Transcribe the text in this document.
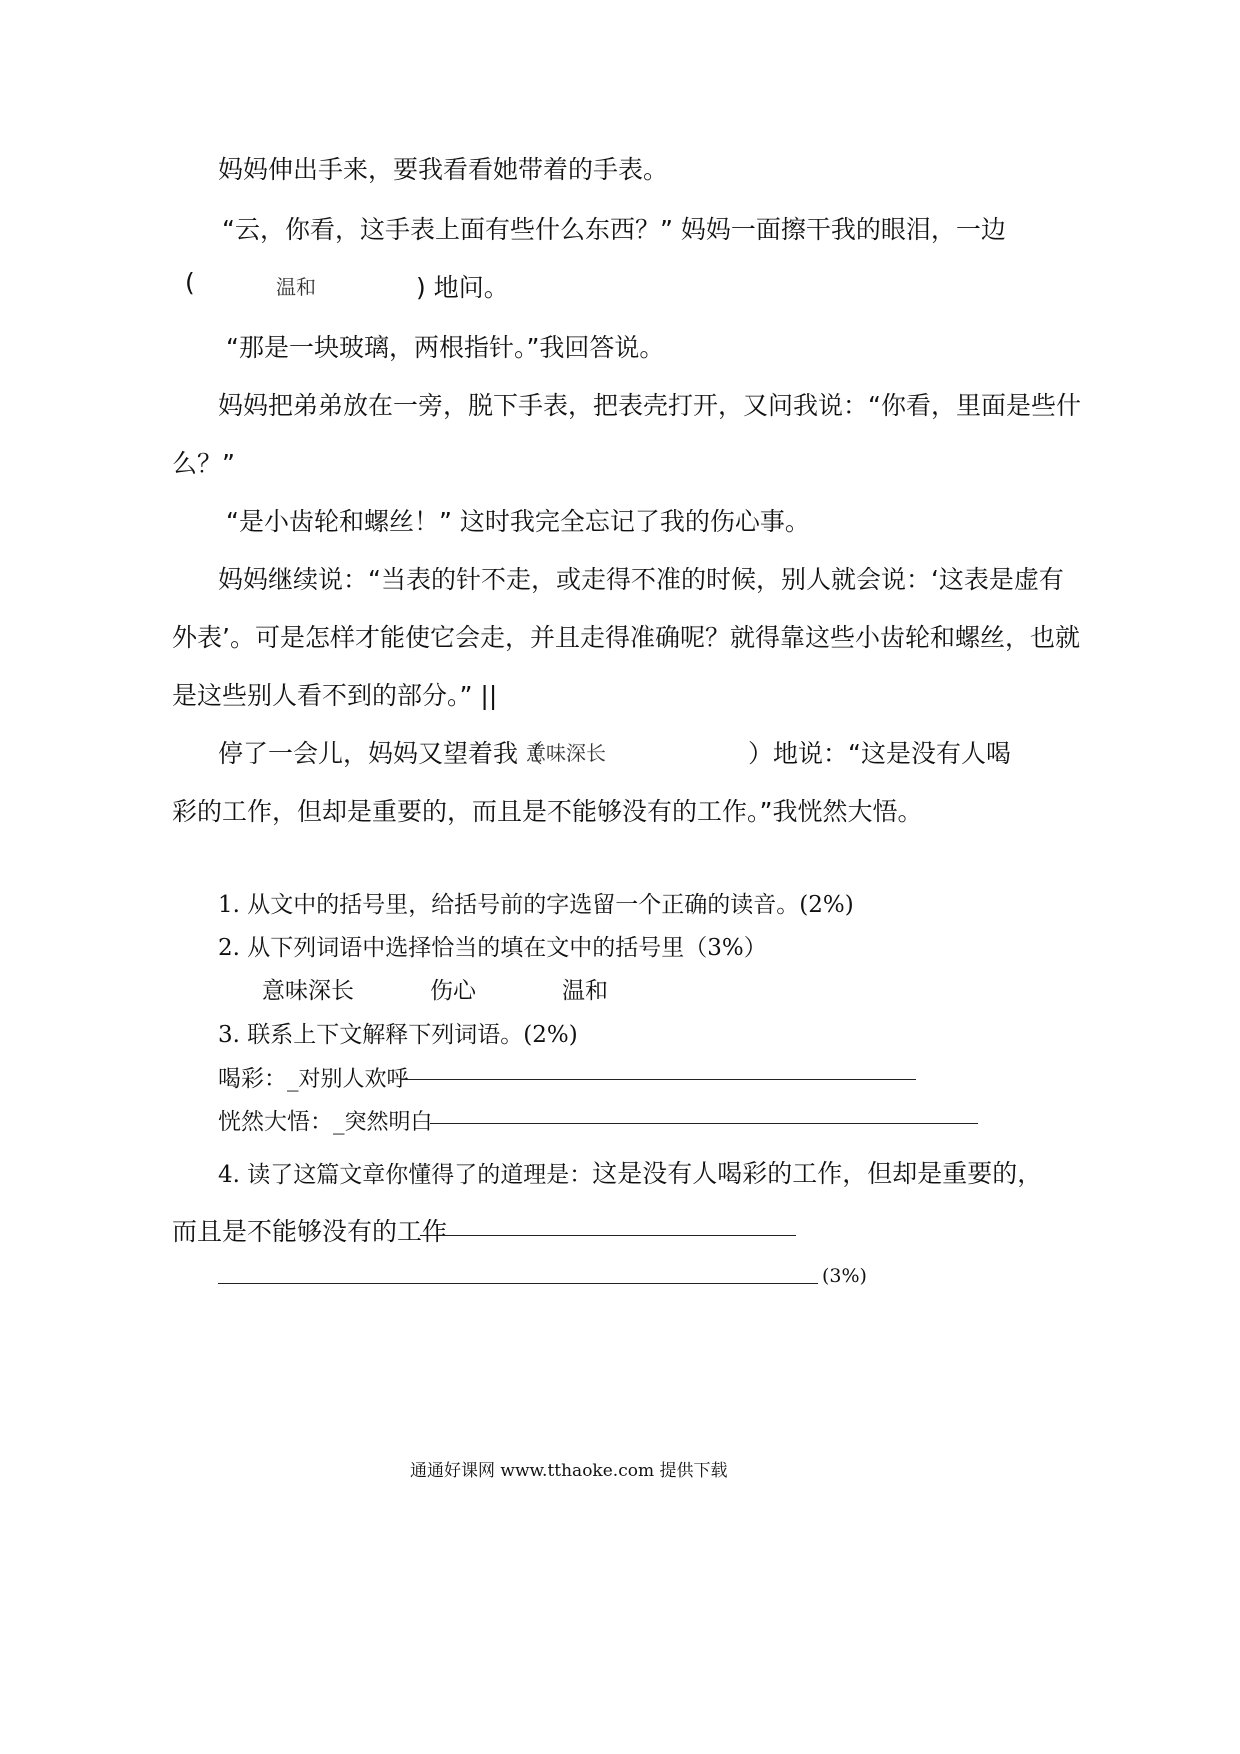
妈妈伸出手来，要我看看她带着的手表。
“云，你看，这手表上面有些什么东西？” 妈妈一面擦干我的眼泪，一边
(	温和	) 地问。
“那是一块玻璃，两根指针。”我回答说。
妈妈把弟弟放在一旁，脱下手表，把表壳打开，又问我说：“你看，里面是些什
么？”
“是小齿轮和螺丝！” 这时我完全忘记了我的伤心事。
妈妈继续说：“当表的针不走，或走得不准的时候，别人就会说：‘这表是虚有
外表’。可是怎样才能使它会走，并且走得准确呢？就得靠这些小齿轮和螺丝，也就
是这些别人看不到的部分。” ||
停了一会儿，妈妈又望着我（
意味深长	）地说：“这是没有人喝
彩的工作，但却是重要的，而且是不能够没有的工作。”我恍然大悟。
1. 从文中的括号里，给括号前的字选留一个正确的读音。(2%)
2. 从下列词语中选择恰当的填在文中的括号里（3%）
意味深长	伤心	温和
3. 联系上下文解释下列词语。(2%)
喝彩：_对别人欢呼
恍然大悟：_突然明白
4. 读了这篇文章你懂得了的道理是：这是没有人喝彩的工作，但却是重要的，
而且是不能够没有的工作
(3%)
通通好课网 www.tthaoke.com 提供下载
